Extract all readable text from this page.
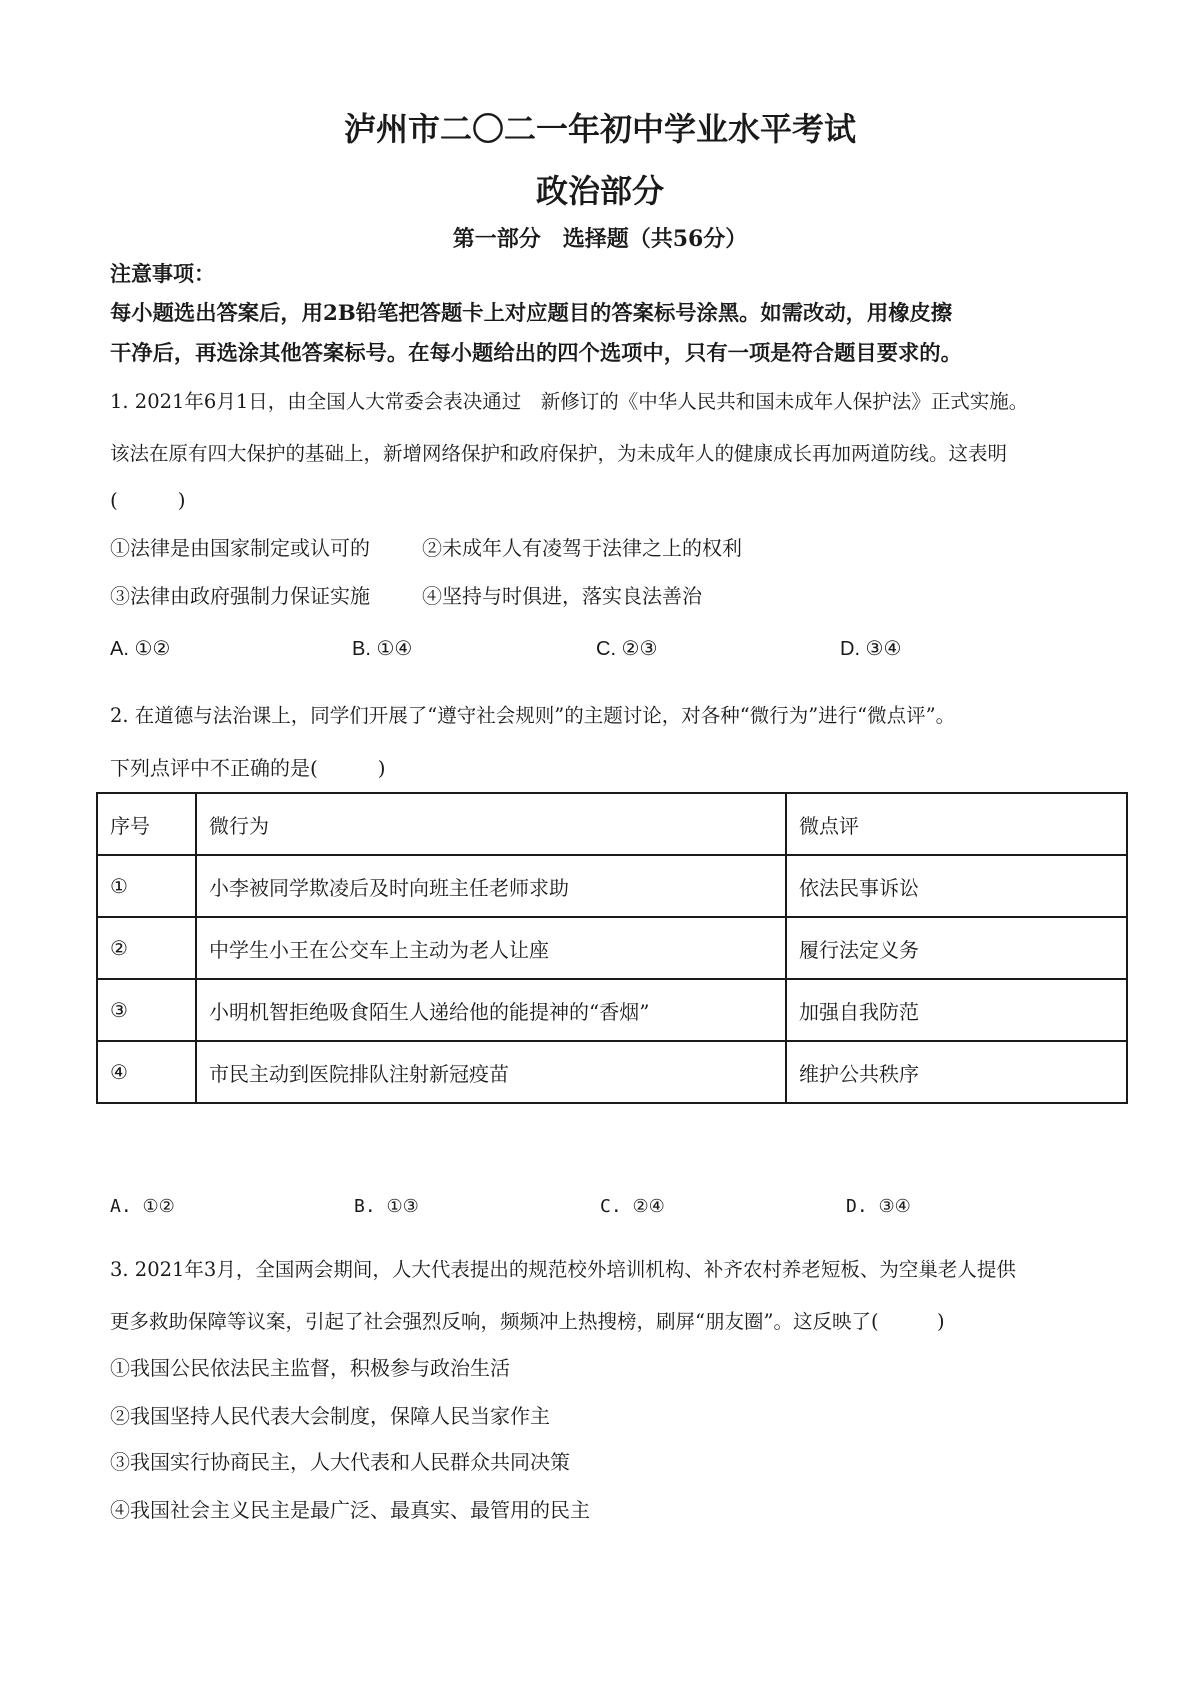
泸州市二〇二一年初中学业水平考试
政治部分
第一部分　选择题（共56分）
注意事项：
每小题选出答案后，用2B铅笔把答题卡上对应题目的答案标号涂黑。如需改动，用橡皮擦
干净后，再选涂其他答案标号。在每小题给出的四个选项中，只有一项是符合题目要求的。
1. 2021年6月1日，由全国人大常委会表决通过　新修订的《中华人民共和国未成年人保护法》正式实施。
该法在原有四大保护的基础上，新增网络保护和政府保护，为未成年人的健康成长再加两道防线。这表明
(　　　)
①法律是由国家制定或认可的	②未成年人有凌驾于法律之上的权利
③法律由政府强制力保证实施	④坚持与时俱进，落实良法善治
A. ①②	B. ①④	C. ②③	D. ③④
2. 在道德与法治课上，同学们开展了“遵守社会规则”的主题讨论，对各种“微行为”进行“微点评”。
下列点评中不正确的是(　　　)
序号	微行为	微点评
①	小李被同学欺凌后及时向班主任老师求助	依法民事诉讼
②	中学生小王在公交车上主动为老人让座	履行法定义务
③	小明机智拒绝吸食陌生人递给他的能提神的“香烟”	加强自我防范
④	市民主动到医院排队注射新冠疫苗	维护公共秩序
A. ①②	B. ①③	C. ②④	D. ③④
3. 2021年3月，全国两会期间，人大代表提出的规范校外培训机构、补齐农村养老短板、为空巢老人提供
更多救助保障等议案，引起了社会强烈反响，频频冲上热搜榜，刷屏“朋友圈”。这反映了(　　　)
①我国公民依法民主监督，积极参与政治生活
②我国坚持人民代表大会制度，保障人民当家作主
③我国实行协商民主，人大代表和人民群众共同决策
④我国社会主义民主是最广泛、最真实、最管用的民主
